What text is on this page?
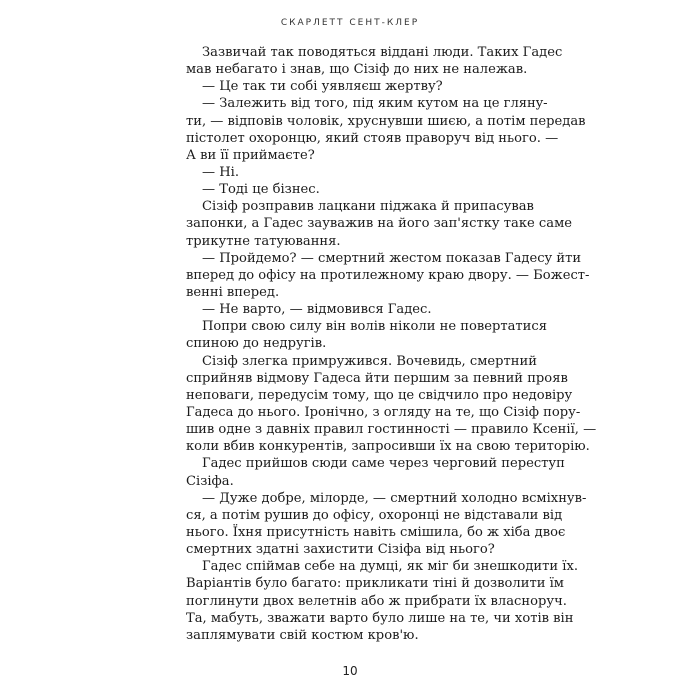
СКАРЛЕТТ СЕНТ-КЛЕР
Зазвичай так поводяться віддані люди. Таких Гадес
мав небагато і знав, що Сізіф до них не належав.
— Це так ти собі уявляєш жертву?
— Залежить від того, під яким кутом на це глянy-
ти, — відповів чоловік, хруснувши шиєю, а потім передав
пістолет охоронцю, який стояв праворуч від нього. —
А ви її приймаєте?
— Ні.
— Тоді це бізнес.
Сізіф розправив лацкани піджака й припасував
запонки, а Гадес зауважив на його зап'ястку таке саме
трикутне татуювання.
— Пройдемо? — смертний жестом показав Гадесу йти
вперед до офісу на протилежному краю двору. — Божест-
венні вперед.
— Не варто, — відмовився Гадес.
Попри свою силу він волів ніколи не повертатися
спиною до недругів.
Сізіф злегка примружився. Вочевидь, смертний
сприйняв відмову Гадеса йти першим за певний прояв
неповаги, передусім тому, що це свідчило про недовіру
Гадеса до нього. Іронічно, з огляду на те, що Сізіф пору-
шив одне з давніх правил гостинності — правило Ксенії, —
коли вбив конкурентів, запросивши їх на свою територію.
Гадес прийшов сюди саме через черговий переступ
Сізіфа.
— Дуже добре, мілорде, — смертний холодно всміхнув-
ся, а потім рушив до офісу, охоронці не відставали від
нього. Їхня присутність навіть смішила, бо ж хіба двоє
смертних здатні захистити Сізіфа від нього?
Гадес спіймав себе на думці, як міг би знешкодити їх.
Варіантів було багато: прикликати тіні й дозволити їм
поглинути двох велетнів або ж прибрати їх власноруч.
Та, мабуть, зважати варто було лише на те, чи хотів він
заплямувати свій костюм кров'ю.
10
